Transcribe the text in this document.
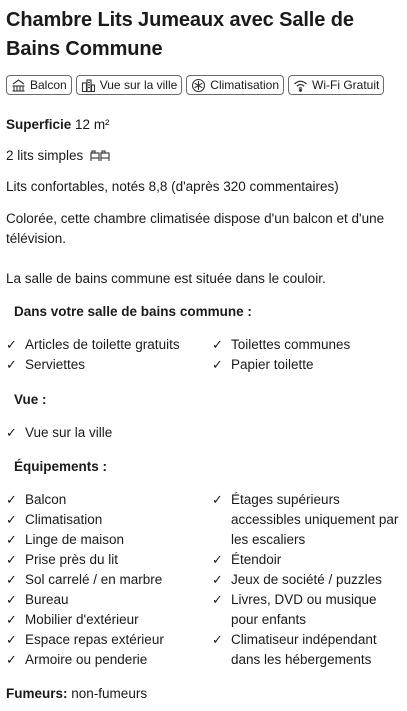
Chambre Lits Jumeaux avec Salle de Bains Commune
Balcon	Vue sur la ville	Climatisation	Wi-Fi Gratuit
Superficie 12 m²
2 lits simples
Lits confortables, notés 8,8 (d'après 320 commentaires)
Colorée, cette chambre climatisée dispose d'un balcon et d'une télévision.
La salle de bains commune est située dans le couloir.
Dans votre salle de bains commune :
✓ Articles de toilette gratuits
✓ Serviettes
✓ Toilettes communes
✓ Papier toilette
Vue :
✓ Vue sur la ville
Équipements :
✓ Balcon
✓ Climatisation
✓ Linge de maison
✓ Prise près du lit
✓ Sol carrelé / en marbre
✓ Bureau
✓ Mobilier d'extérieur
✓ Espace repas extérieur
✓ Armoire ou penderie
✓ Étages supérieurs accessibles uniquement par les escaliers
✓ Étendoir
✓ Jeux de société / puzzles
✓ Livres, DVD ou musique pour enfants
✓ Climatiseur indépendant dans les hébergements
Fumeurs: non-fumeurs
